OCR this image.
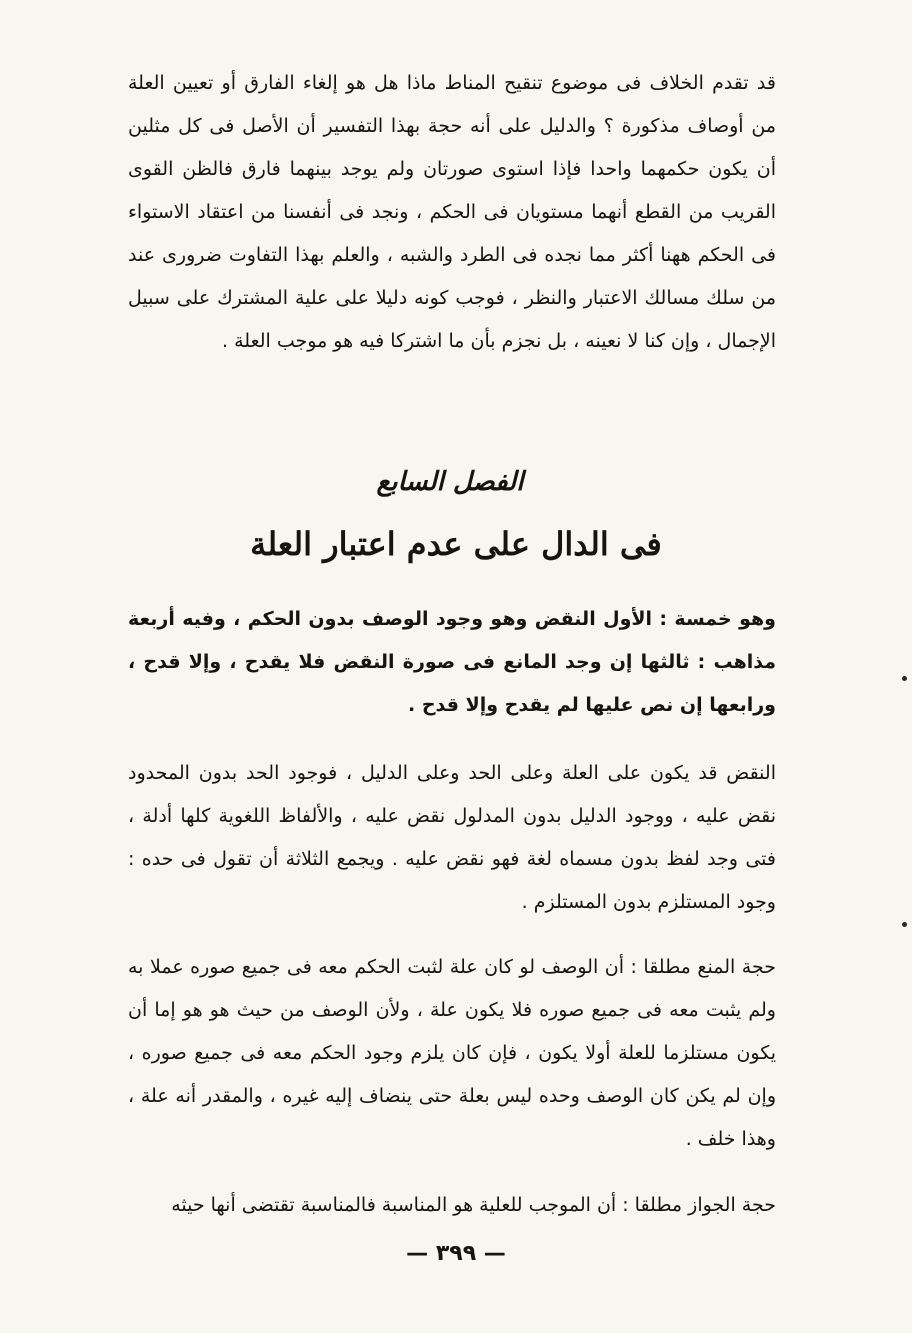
قد تقدم الخلاف فى موضوع تنقيح المناط ماذا هل هو إلغاء الفارق أو تعيين العلة من أوصاف مذكورة ؟ والدليل على أنه حجة بهذا التفسير أن الأصل فى كل مثلين أن يكون حكمهما واحدا فإذا استوى صورتان ولم يوجد بينهما فارق فالظن القوى القريب من القطع أنهما مستويان فى الحكم ، ونجد فى أنفسنا من اعتقاد الاستواء فى الحكم ههنا أكثر مما نجده فى الطرد والشبه ، والعلم بهذا التفاوت ضرورى عند من سلك مسالك الاعتبار والنظر ، فوجب كونه دليلا على علية المشترك على سبيل الإجمال ، وإن كنا لا نعينه ، بل نجزم بأن ما اشتركا فيه هو موجب العلة .

الفصل السابع
فى الدال على عدم اعتبار العلة

وهو خمسة : الأول النقض وهو وجود الوصف بدون الحكم ، وفيه أربعة مذاهب : ثالثها إن وجد المانع فى صورة النقض فلا يقدح ، وإلا قدح ، ورابعها إن نص عليها لم يقدح وإلا قدح .

النقض قد يكون على العلة وعلى الحد وعلى الدليل ، فوجود الحد بدون المحدود نقض عليه ، ووجود الدليل بدون المدلول نقض عليه ، والألفاظ اللغوية كلها أدلة ، فتى وجد لفظ بدون مسماه لغة فهو نقض عليه . ويجمع الثلاثة أن تقول فى حده : وجود المستلزم بدون المستلزم .

حجة المنع مطلقا : أن الوصف لو كان علة لثبت الحكم معه فى جميع صوره عملا به ولم يثبت معه فى جميع صوره فلا يكون علة ، ولأن الوصف من حيث هو هو إما أن يكون مستلزما للعلة أولا يكون ، فإن كان يلزم وجود الحكم معه فى جميع صوره ، وإن لم يكن كان الوصف وحده ليس بعلة حتى ينضاف إليه غيره ، والمقدر أنه علة ، وهذا خلف .

حجة الجواز مطلقا : أن الموجب للعلية هو المناسبة فالمناسبة تقتضى أنها حيثه

— ٣٩٩ —
